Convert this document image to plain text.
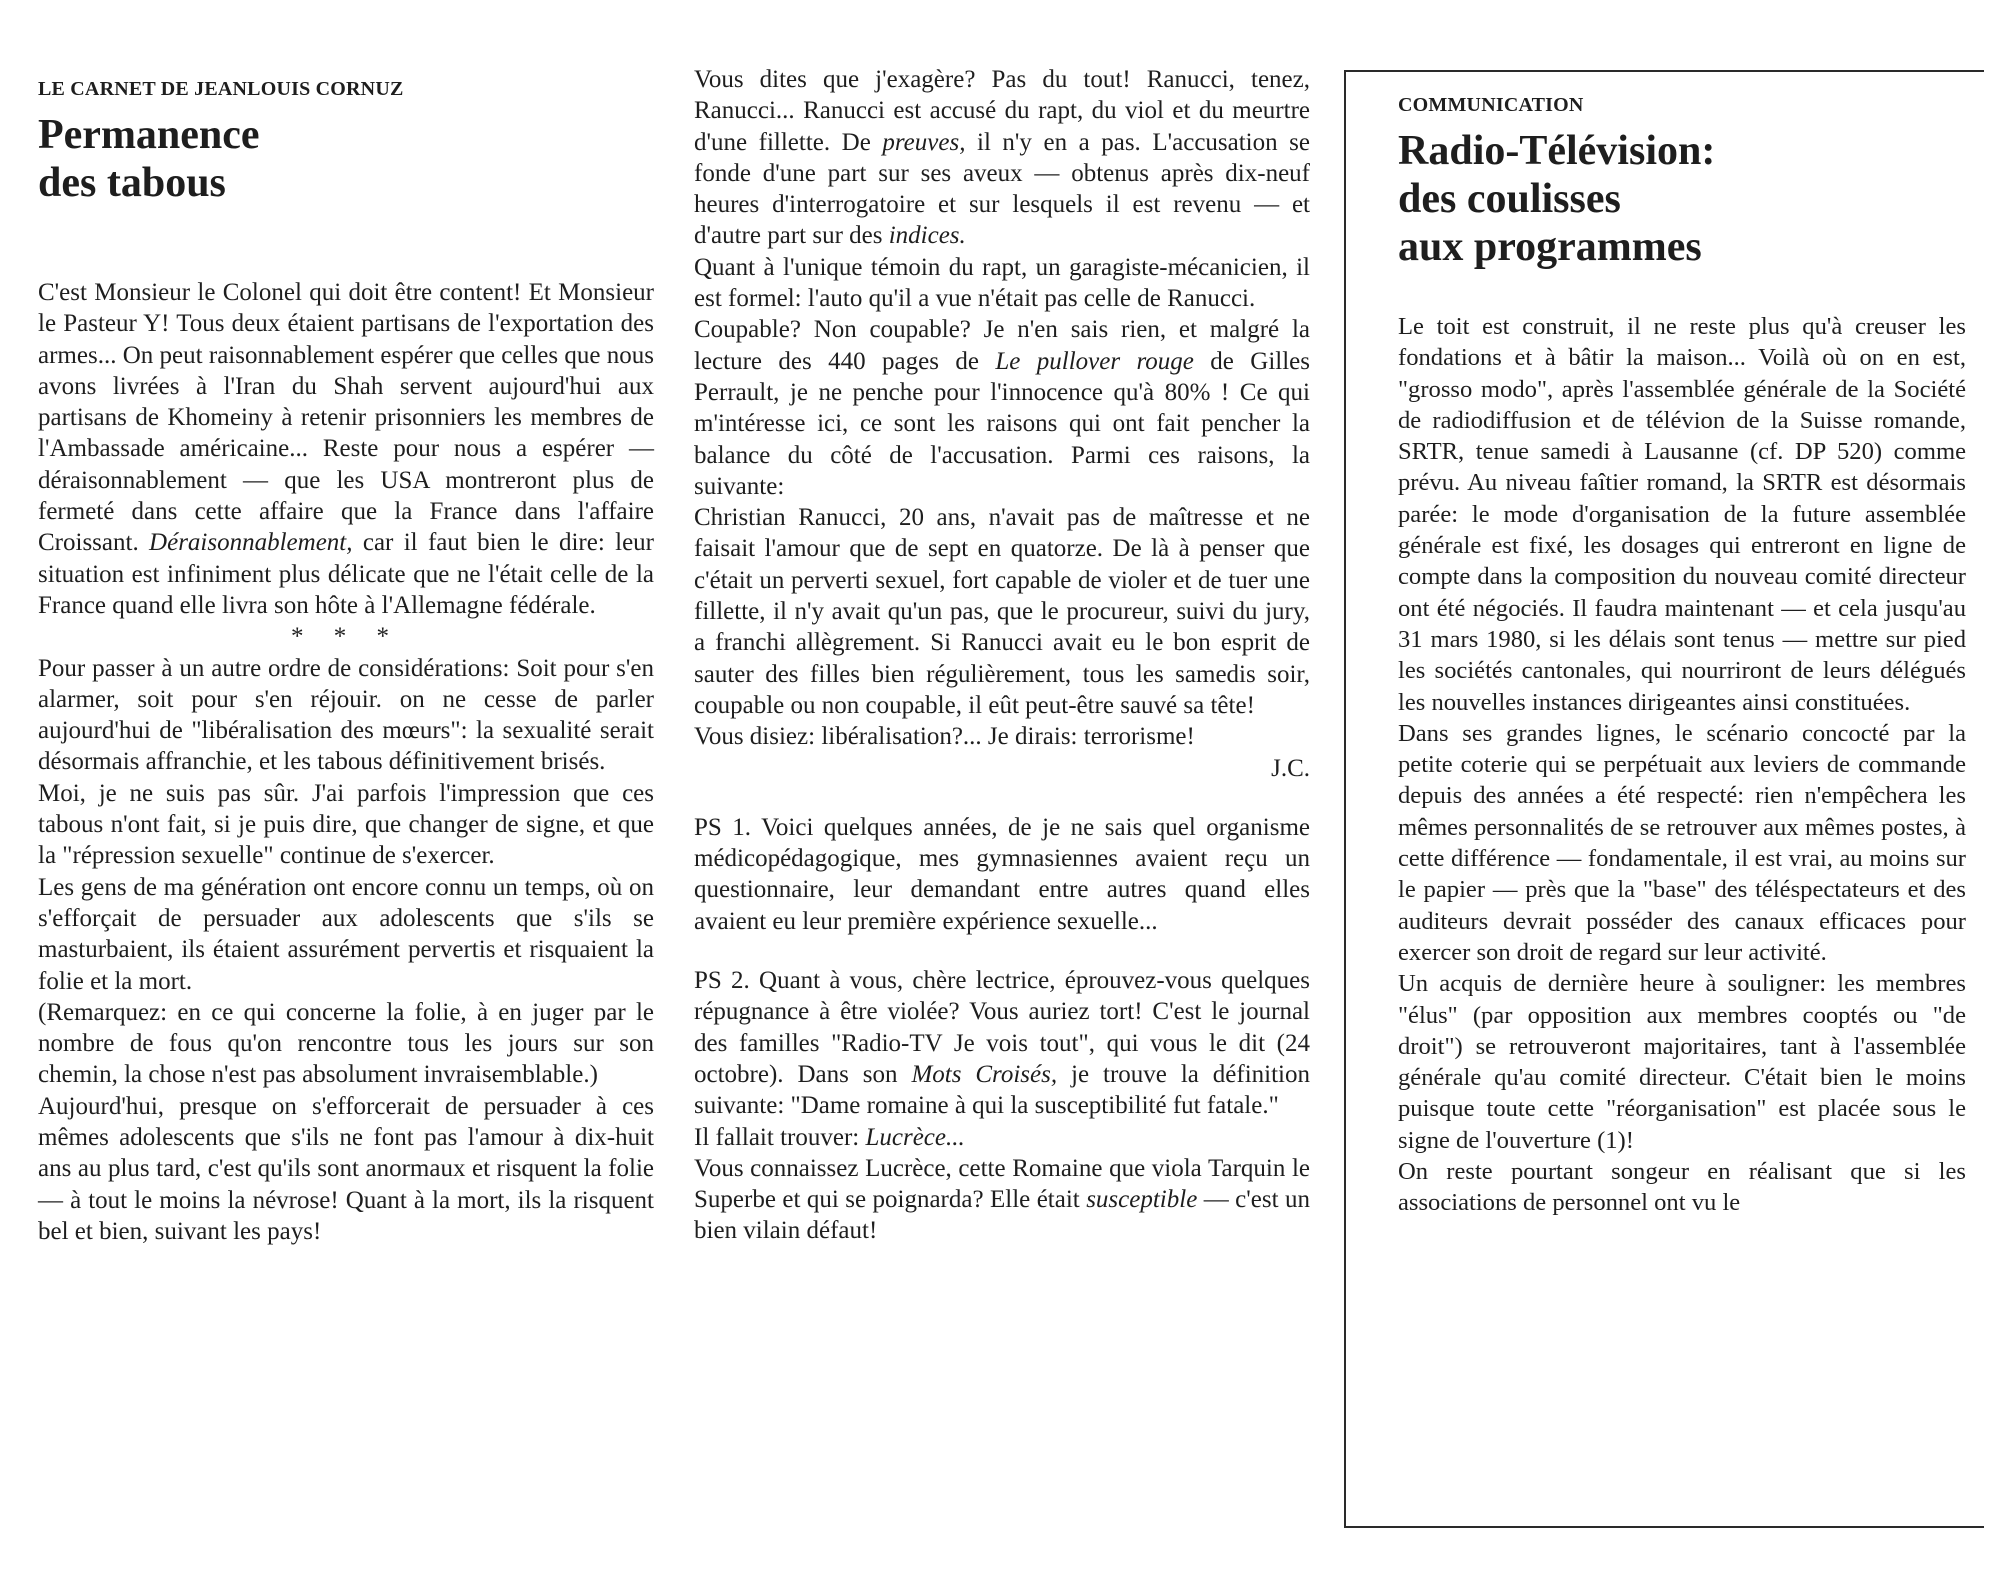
LE CARNET DE JEANLOUIS CORNUZ

Permanence
des tabous

C'est Monsieur le Colonel qui doit être content! Et Monsieur le Pasteur Y! Tous deux étaient partisans de l'exportation des armes... On peut raisonnablement espérer que celles que nous avons livrées à l'Iran du Shah servent aujourd'hui aux partisans de Khomeiny à retenir prisonniers les membres de l'Ambassade américaine... Reste pour nous a espérer — déraisonnablement — que les USA montreront plus de fermeté dans cette affaire que la France dans l'affaire Croissant. Déraisonnablement, car il faut bien le dire: leur situation est infiniment plus délicate que ne l'était celle de la France quand elle livra son hôte à l'Allemagne fédérale.

* * *

Pour passer à un autre ordre de considérations: Soit pour s'en alarmer, soit pour s'en réjouir. on ne cesse de parler aujourd'hui de "libéralisation des mœurs": la sexualité serait désormais affranchie, et les tabous définitivement brisés.

Moi, je ne suis pas sûr. J'ai parfois l'impression que ces tabous n'ont fait, si je puis dire, que changer de signe, et que la "répression sexuelle" continue de s'exercer.

Les gens de ma génération ont encore connu un temps, où on s'efforçait de persuader aux adolescents que s'ils se masturbaient, ils étaient assurément pervertis et risquaient la folie et la mort.

(Remarquez: en ce qui concerne la folie, à en juger par le nombre de fous qu'on rencontre tous les jours sur son chemin, la chose n'est pas absolument invraisemblable.)

Aujourd'hui, presque on s'efforcerait de persuader à ces mêmes adolescents que s'ils ne font pas l'amour à dix-huit ans au plus tard, c'est qu'ils sont anormaux et risquent la folie — à tout le moins la névrose! Quant à la mort, ils la risquent bel et bien, suivant les pays!

Vous dites que j'exagère? Pas du tout! Ranucci, tenez, Ranucci... Ranucci est accusé du rapt, du viol et du meurtre d'une fillette. De preuves, il n'y en a pas. L'accusation se fonde d'une part sur ses aveux — obtenus après dix-neuf heures d'interrogatoire et sur lesquels il est revenu — et d'autre part sur des indices.

Quant à l'unique témoin du rapt, un garagiste-mécanicien, il est formel: l'auto qu'il a vue n'était pas celle de Ranucci.

Coupable? Non coupable? Je n'en sais rien, et malgré la lecture des 440 pages de Le pullover rouge de Gilles Perrault, je ne penche pour l'innocence qu'à 80% ! Ce qui m'intéresse ici, ce sont les raisons qui ont fait pencher la balance du côté de l'accusation. Parmi ces raisons, la suivante:

Christian Ranucci, 20 ans, n'avait pas de maîtresse et ne faisait l'amour que de sept en quatorze. De là à penser que c'était un perverti sexuel, fort capable de violer et de tuer une fillette, il n'y avait qu'un pas, que le procureur, suivi du jury, a franchi allègrement. Si Ranucci avait eu le bon esprit de sauter des filles bien régulièrement, tous les samedis soir, coupable ou non coupable, il eût peut-être sauvé sa tête!

Vous disiez: libéralisation?... Je dirais: terrorisme!

J.C.

PS 1. Voici quelques années, de je ne sais quel organisme médicopédagogique, mes gymnasiennes avaient reçu un questionnaire, leur demandant entre autres quand elles avaient eu leur première expérience sexuelle...

PS 2. Quant à vous, chère lectrice, éprouvez-vous quelques répugnance à être violée? Vous auriez tort! C'est le journal des familles "Radio-TV Je vois tout", qui vous le dit (24 octobre). Dans son Mots Croisés, je trouve la définition suivante: "Dame romaine à qui la susceptibilité fut fatale."

Il fallait trouver: Lucrèce...

Vous connaissez Lucrèce, cette Romaine que viola Tarquin le Superbe et qui se poignarda? Elle était susceptible — c'est un bien vilain défaut!

COMMUNICATION

Radio-Télévision:
des coulisses
aux programmes

Le toit est construit, il ne reste plus qu'à creuser les fondations et à bâtir la maison... Voilà où on en est, "grosso modo", après l'assemblée générale de la Société de radiodiffusion et de télévion de la Suisse romande, SRTR, tenue samedi à Lausanne (cf. DP 520) comme prévu. Au niveau faîtier romand, la SRTR est désormais parée: le mode d'organisation de la future assemblée générale est fixé, les dosages qui entreront en ligne de compte dans la composition du nouveau comité directeur ont été négociés. Il faudra maintenant — et cela jusqu'au 31 mars 1980, si les délais sont tenus — mettre sur pied les sociétés cantonales, qui nourriront de leurs délégués les nouvelles instances dirigeantes ainsi constituées.

Dans ses grandes lignes, le scénario concocté par la petite coterie qui se perpétuait aux leviers de commande depuis des années a été respecté: rien n'empêchera les mêmes personnalités de se retrouver aux mêmes postes, à cette différence — fondamentale, il est vrai, au moins sur le papier — près que la "base" des téléspectateurs et des auditeurs devrait posséder des canaux efficaces pour exercer son droit de regard sur leur activité.

Un acquis de dernière heure à souligner: les membres "élus" (par opposition aux membres cooptés ou "de droit") se retrouveront majoritaires, tant à l'assemblée générale qu'au comité directeur. C'était bien le moins puisque toute cette "réorganisation" est placée sous le signe de l'ouverture (1)!

On reste pourtant songeur en réalisant que si les associations de personnel ont vu le
